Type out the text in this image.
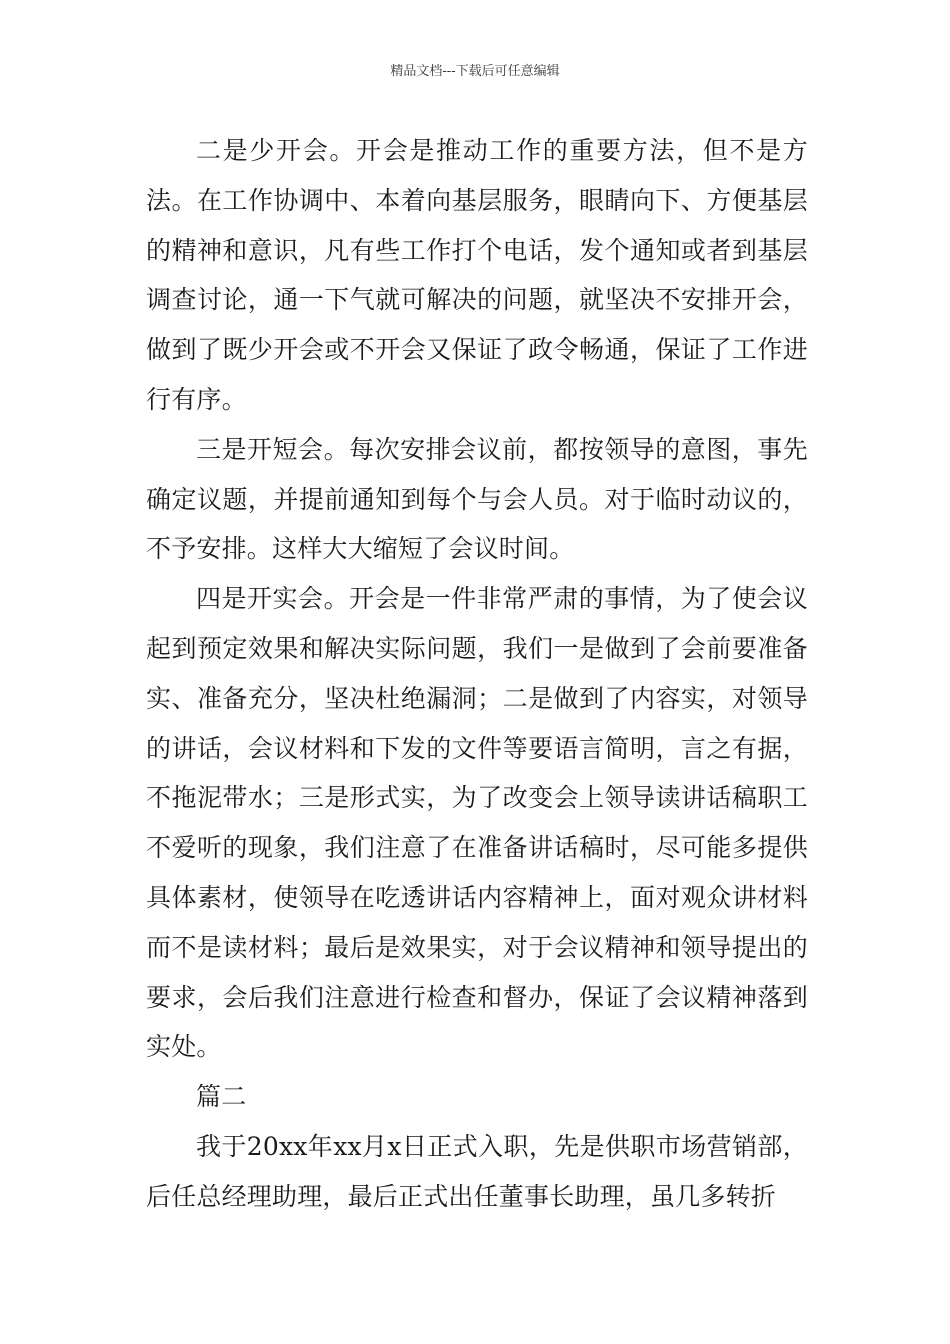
精品文档---下载后可任意编辑

二是少开会。开会是推动工作的重要方法，但不是方法。在工作协调中、本着向基层服务，眼睛向下、方便基层的精神和意识，凡有些工作打个电话，发个通知或者到基层调查讨论，通一下气就可解决的问题，就坚决不安排开会，做到了既少开会或不开会又保证了政令畅通，保证了工作进行有序。

三是开短会。每次安排会议前，都按领导的意图，事先确定议题，并提前通知到每个与会人员。对于临时动议的，不予安排。这样大大缩短了会议时间。

四是开实会。开会是一件非常严肃的事情，为了使会议起到预定效果和解决实际问题，我们一是做到了会前要准备实、准备充分，坚决杜绝漏洞；二是做到了内容实，对领导的讲话，会议材料和下发的文件等要语言简明，言之有据，不拖泥带水；三是形式实，为了改变会上领导读讲话稿职工不爱听的现象，我们注意了在准备讲话稿时，尽可能多提供具体素材，使领导在吃透讲话内容精神上，面对观众讲材料而不是读材料；最后是效果实，对于会议精神和领导提出的要求，会后我们注意进行检查和督办，保证了会议精神落到实处。

篇二

我于20xx年xx月x日正式入职，先是供职市场营销部，后任总经理助理，最后正式出任董事长助理，虽几多转折
